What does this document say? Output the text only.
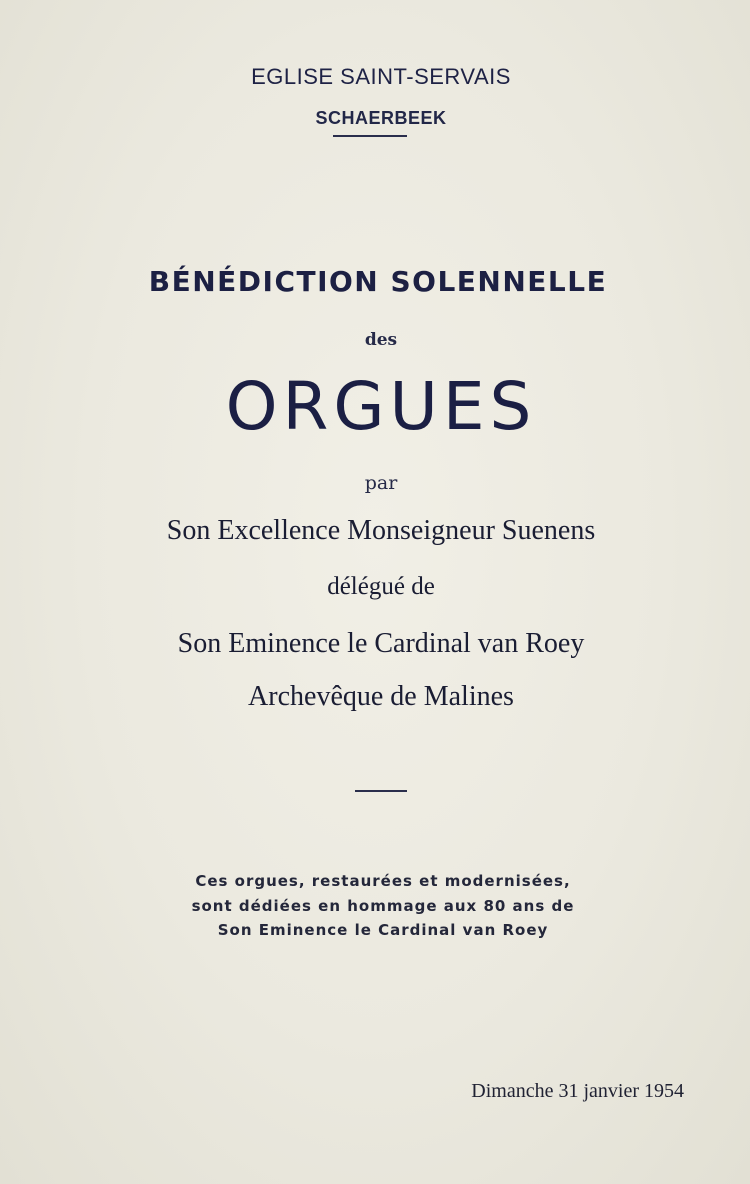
EGLISE SAINT-SERVAIS
SCHAERBEEK
BÉNÉDICTION SOLENNELLE
des
ORGUES
par
Son Excellence Monseigneur Suenens
délégué de
Son Eminence le Cardinal van Roey
Archevêque de Malines
Ces orgues, restaurées et modernisées,
sont dédiées en hommage aux 80 ans de
Son Eminence le Cardinal van Roey
Dimanche 31 janvier 1954
